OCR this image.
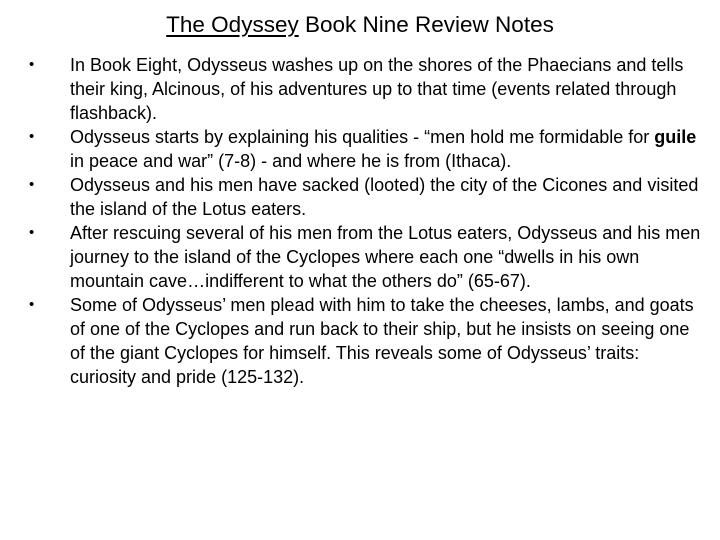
The Odyssey Book Nine Review Notes
• In Book Eight, Odysseus washes up on the shores of the Phaecians and tells their king, Alcinous, of his adventures up to that time (events related through flashback).
• Odysseus starts by explaining his qualities - “men hold me formidable for guile in peace and war” (7-8) - and where he is from (Ithaca).
• Odysseus and his men have sacked (looted) the city of the Cicones and visited the island of the Lotus eaters.
• After rescuing several of his men from the Lotus eaters, Odysseus and his men journey to the island of the Cyclopes where each one “dwells in his own mountain cave…indifferent to what the others do” (65-67).
• Some of Odysseus’ men plead with him to take the cheeses, lambs, and goats of one of the Cyclopes and run back to their ship, but he insists on seeing one of the giant Cyclopes for himself. This reveals some of Odysseus’ traits: curiosity and pride (125-132).
